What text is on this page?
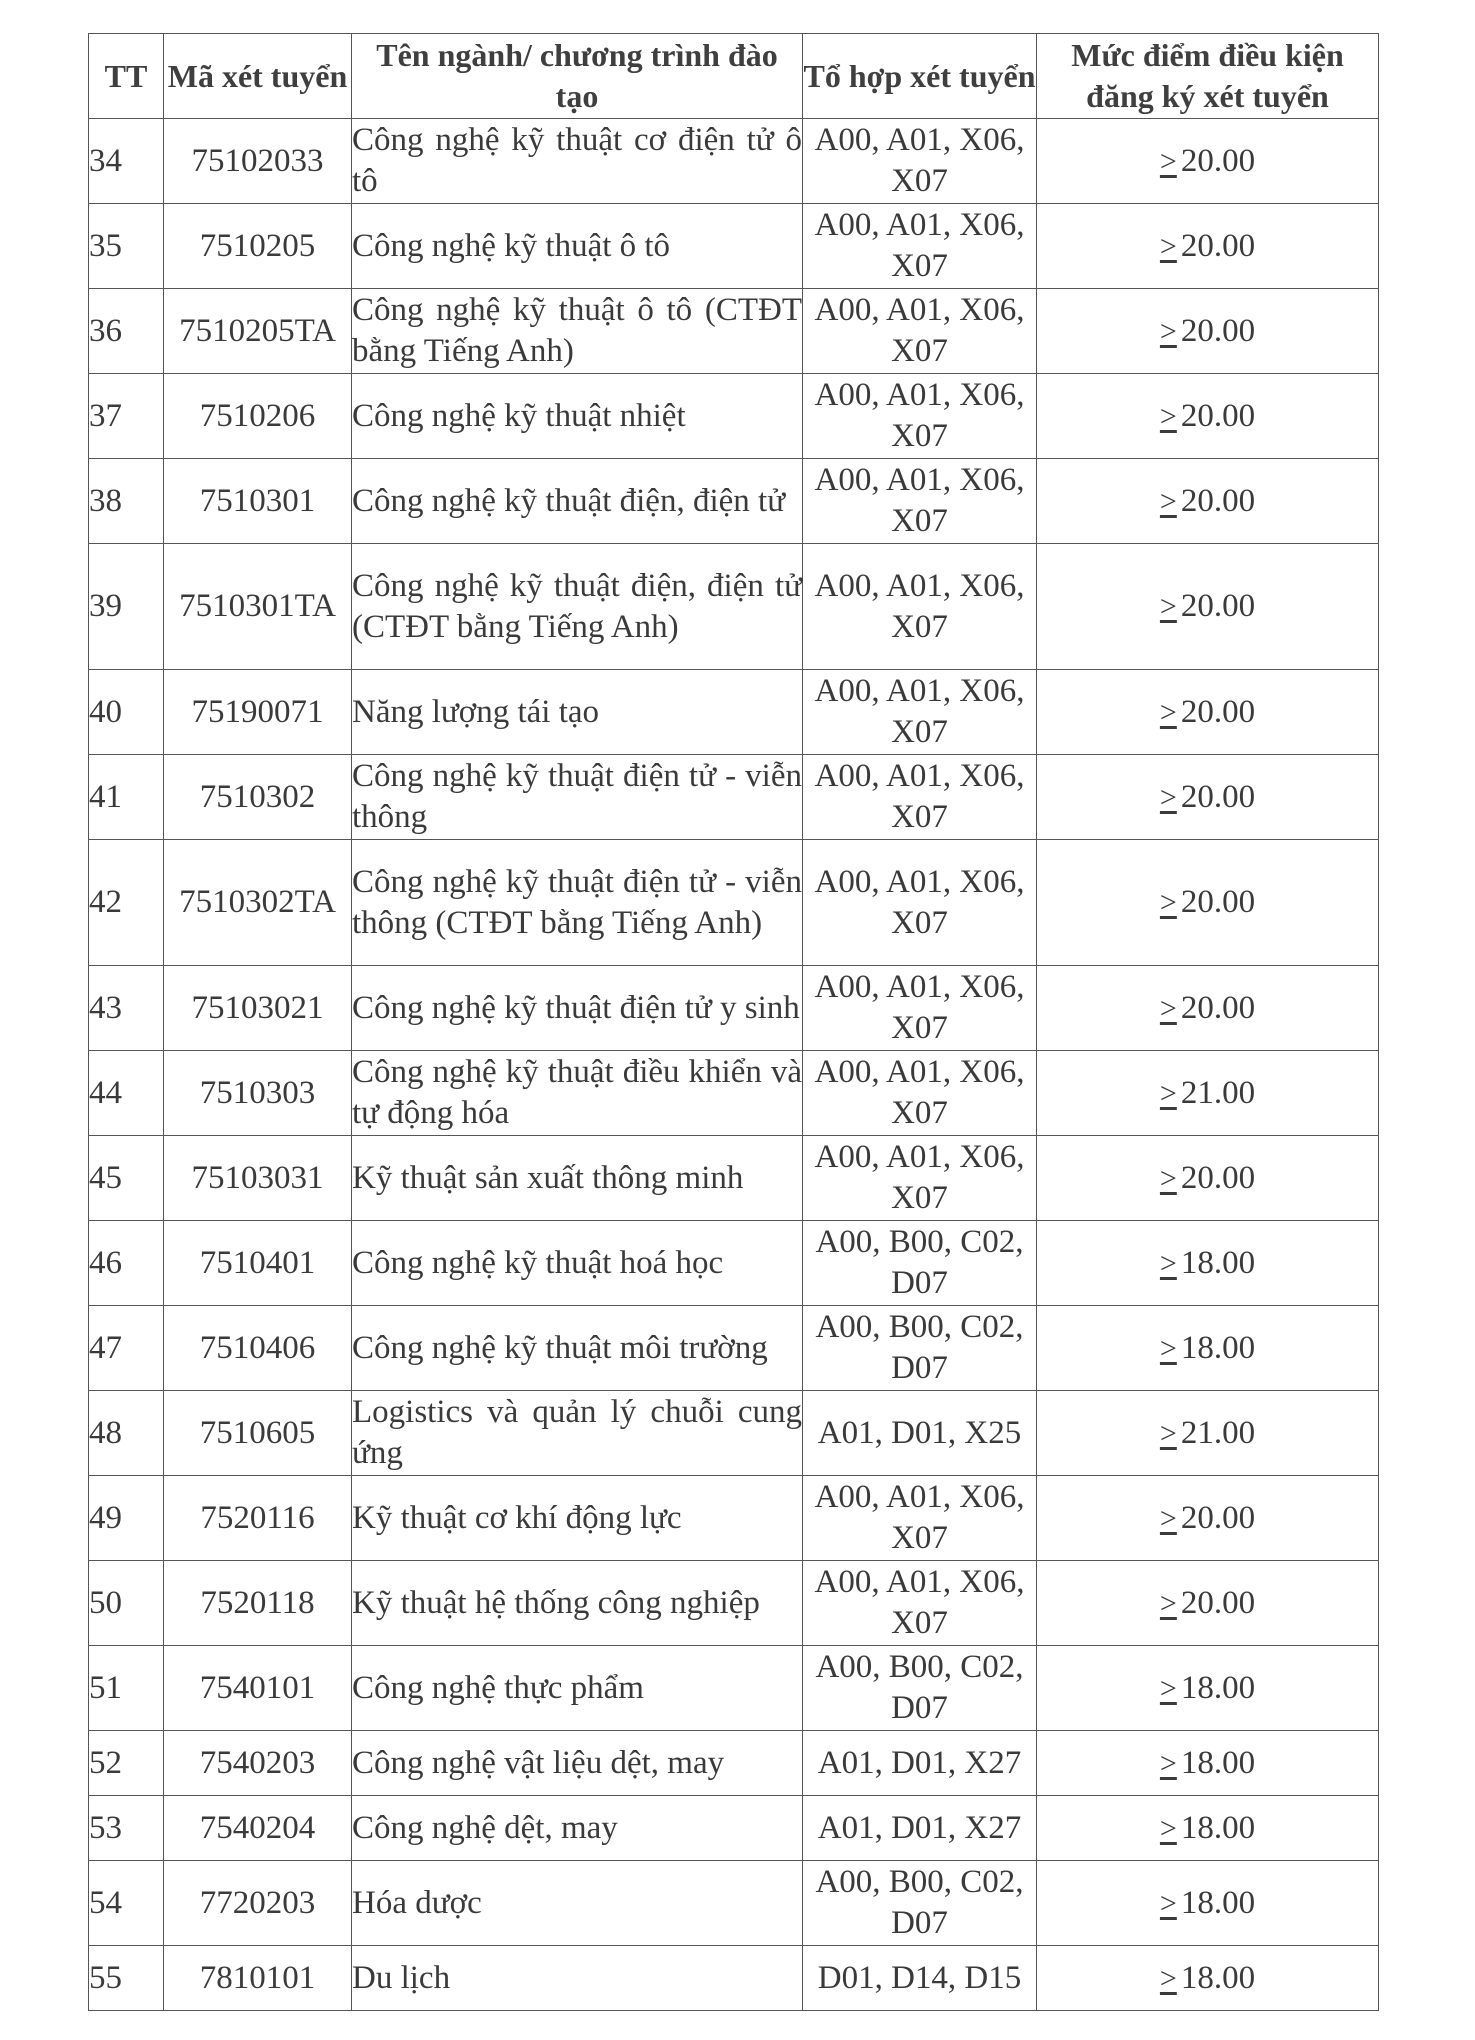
TT	Mã xét tuyển	Tên ngành/ chương trình đào tạo	Tổ hợp xét tuyển	Mức điểm điều kiện đăng ký xét tuyển
34	75102033	Công nghệ kỹ thuật cơ điện tử ô tô	A00, A01, X06, X07	≥ 20.00
35	7510205	Công nghệ kỹ thuật ô tô	A00, A01, X06, X07	≥ 20.00
36	7510205TA	Công nghệ kỹ thuật ô tô (CTĐT bằng Tiếng Anh)	A00, A01, X06, X07	≥ 20.00
37	7510206	Công nghệ kỹ thuật nhiệt	A00, A01, X06, X07	≥ 20.00
38	7510301	Công nghệ kỹ thuật điện, điện tử	A00, A01, X06, X07	≥ 20.00
39	7510301TA	Công nghệ kỹ thuật điện, điện tử (CTĐT bằng Tiếng Anh)	A00, A01, X06, X07	≥ 20.00
40	75190071	Năng lượng tái tạo	A00, A01, X06, X07	≥ 20.00
41	7510302	Công nghệ kỹ thuật điện tử - viễn thông	A00, A01, X06, X07	≥ 20.00
42	7510302TA	Công nghệ kỹ thuật điện tử - viễn thông (CTĐT bằng Tiếng Anh)	A00, A01, X06, X07	≥ 20.00
43	75103021	Công nghệ kỹ thuật điện tử y sinh	A00, A01, X06, X07	≥ 20.00
44	7510303	Công nghệ kỹ thuật điều khiển và tự động hóa	A00, A01, X06, X07	≥ 21.00
45	75103031	Kỹ thuật sản xuất thông minh	A00, A01, X06, X07	≥ 20.00
46	7510401	Công nghệ kỹ thuật hoá học	A00, B00, C02, D07	≥ 18.00
47	7510406	Công nghệ kỹ thuật môi trường	A00, B00, C02, D07	≥ 18.00
48	7510605	Logistics và quản lý chuỗi cung ứng	A01, D01, X25	≥ 21.00
49	7520116	Kỹ thuật cơ khí động lực	A00, A01, X06, X07	≥ 20.00
50	7520118	Kỹ thuật hệ thống công nghiệp	A00, A01, X06, X07	≥ 20.00
51	7540101	Công nghệ thực phẩm	A00, B00, C02, D07	≥ 18.00
52	7540203	Công nghệ vật liệu dệt, may	A01, D01, X27	≥ 18.00
53	7540204	Công nghệ dệt, may	A01, D01, X27	≥ 18.00
54	7720203	Hóa dược	A00, B00, C02, D07	≥ 18.00
55	7810101	Du lịch	D01, D14, D15	≥ 18.00
